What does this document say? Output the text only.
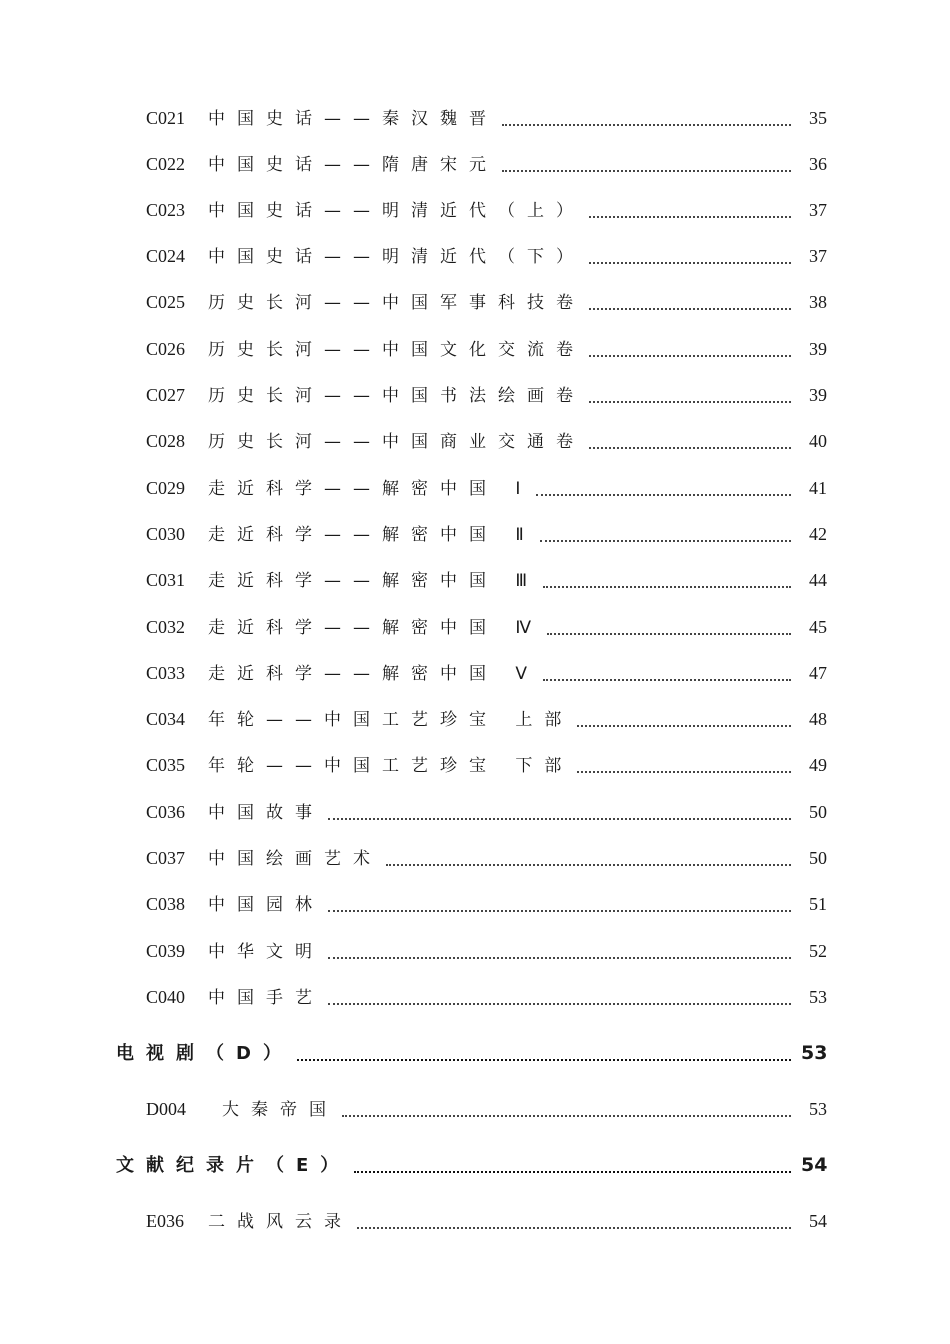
C021	中国史话——秦汉魏晋	35
C022	中国史话——隋唐宋元	36
C023	中国史话——明清近代（上）	37
C024	中国史话——明清近代（下）	37
C025	历史长河——中国军事科技卷	38
C026	历史长河——中国文化交流卷	39
C027	历史长河——中国书法绘画卷	39
C028	历史长河——中国商业交通卷	40
C029	走近科学——解密中国 Ⅰ	41
C030	走近科学——解密中国 Ⅱ	42
C031	走近科学——解密中国 Ⅲ	44
C032	走近科学——解密中国 Ⅳ	45
C033	走近科学——解密中国 Ⅴ	47
C034	年轮——中国工艺珍宝 上部	48
C035	年轮——中国工艺珍宝 下部	49
C036	中国故事	50
C037	中国绘画艺术	50
C038	中国园林	51
C039	中华文明	52
C040	中国手艺	53
电视剧（D）	53
D004	大秦帝国	53
文献纪录片（E）	54
E036	二战风云录	54
